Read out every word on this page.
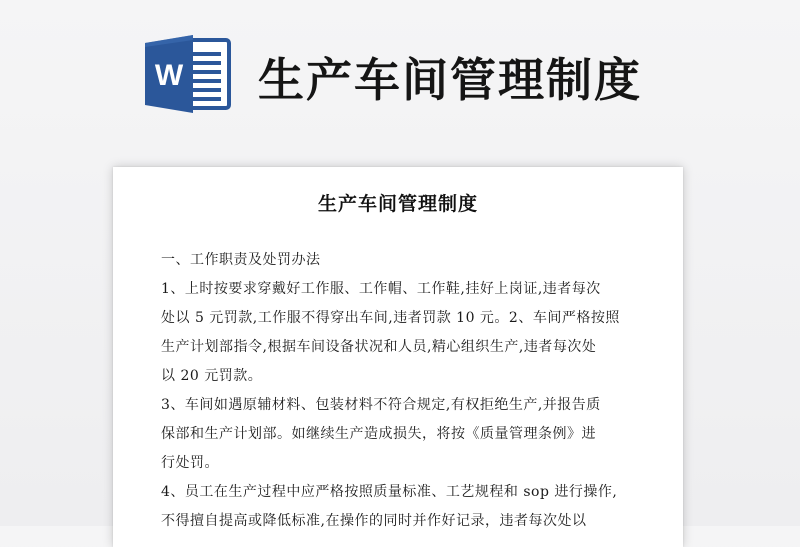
W 生产车间管理制度
生产车间管理制度
一、工作职责及处罚办法
1、上时按要求穿戴好工作服、工作帽、工作鞋,挂好上岗证,违者每次
处以 5 元罚款,工作服不得穿出车间,违者罚款 10 元。2、车间严格按照
生产计划部指令,根据车间设备状况和人员,精心组织生产,违者每次处
以 20 元罚款。
3、车间如遇原辅材料、包装材料不符合规定,有权拒绝生产,并报告质
保部和生产计划部。如继续生产造成损失，将按《质量管理条例》进
行处罚。
4、员工在生产过程中应严格按照质量标准、工艺规程和 sop 进行操作,
不得擅自提高或降低标准,在操作的同时并作好记录，违者每次处以
